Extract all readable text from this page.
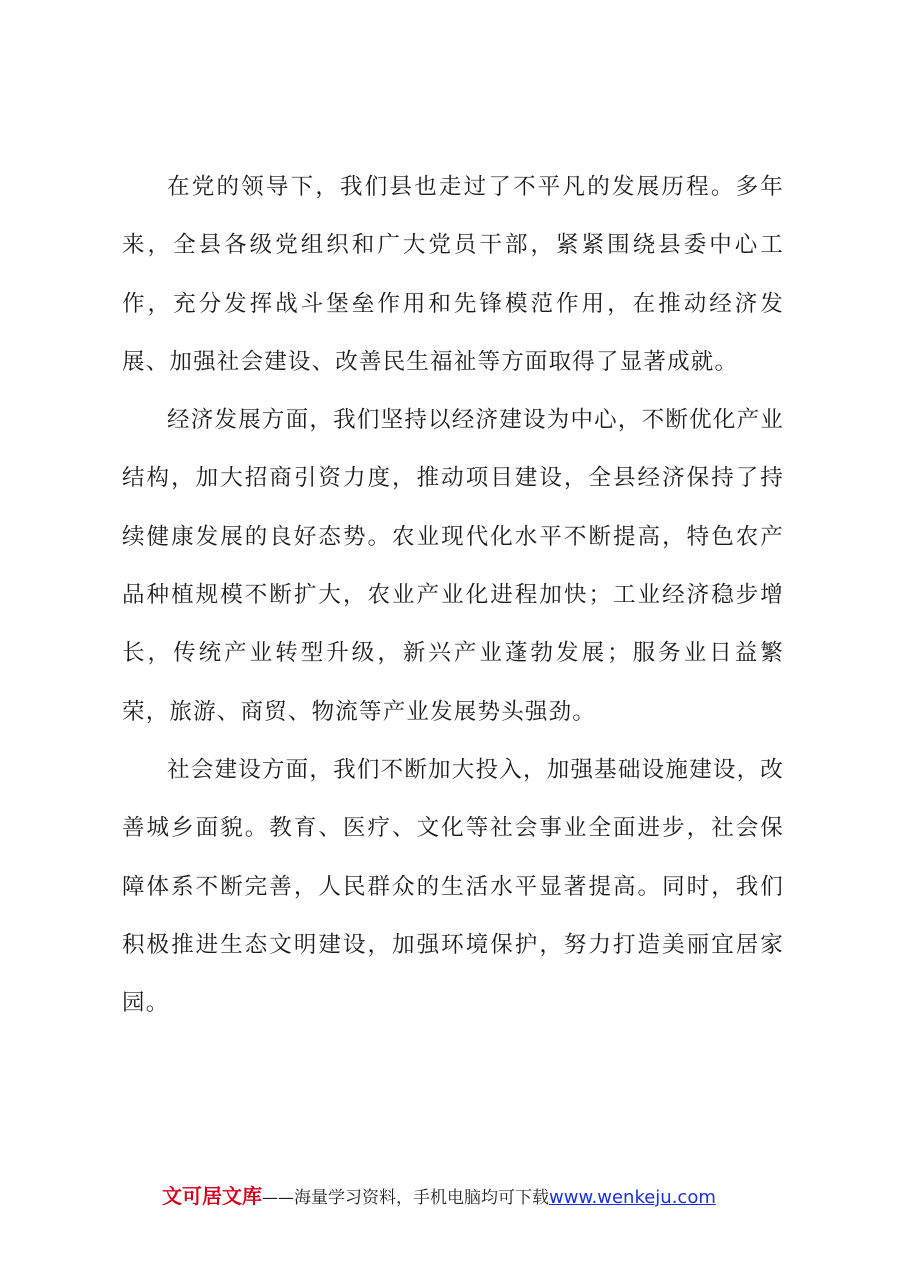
在党的领导下，我们县也走过了不平凡的发展历程。多年来，全县各级党组织和广大党员干部，紧紧围绕县委中心工作，充分发挥战斗堡垒作用和先锋模范作用，在推动经济发展、加强社会建设、改善民生福祉等方面取得了显著成就。

经济发展方面，我们坚持以经济建设为中心，不断优化产业结构，加大招商引资力度，推动项目建设，全县经济保持了持续健康发展的良好态势。农业现代化水平不断提高，特色农产品种植规模不断扩大，农业产业化进程加快；工业经济稳步增长，传统产业转型升级，新兴产业蓬勃发展；服务业日益繁荣，旅游、商贸、物流等产业发展势头强劲。

社会建设方面，我们不断加大投入，加强基础设施建设，改善城乡面貌。教育、医疗、文化等社会事业全面进步，社会保障体系不断完善，人民群众的生活水平显著提高。同时，我们积极推进生态文明建设，加强环境保护，努力打造美丽宜居家园。

文可居文库——海量学习资料，手机电脑均可下载www.wenkeju.com
